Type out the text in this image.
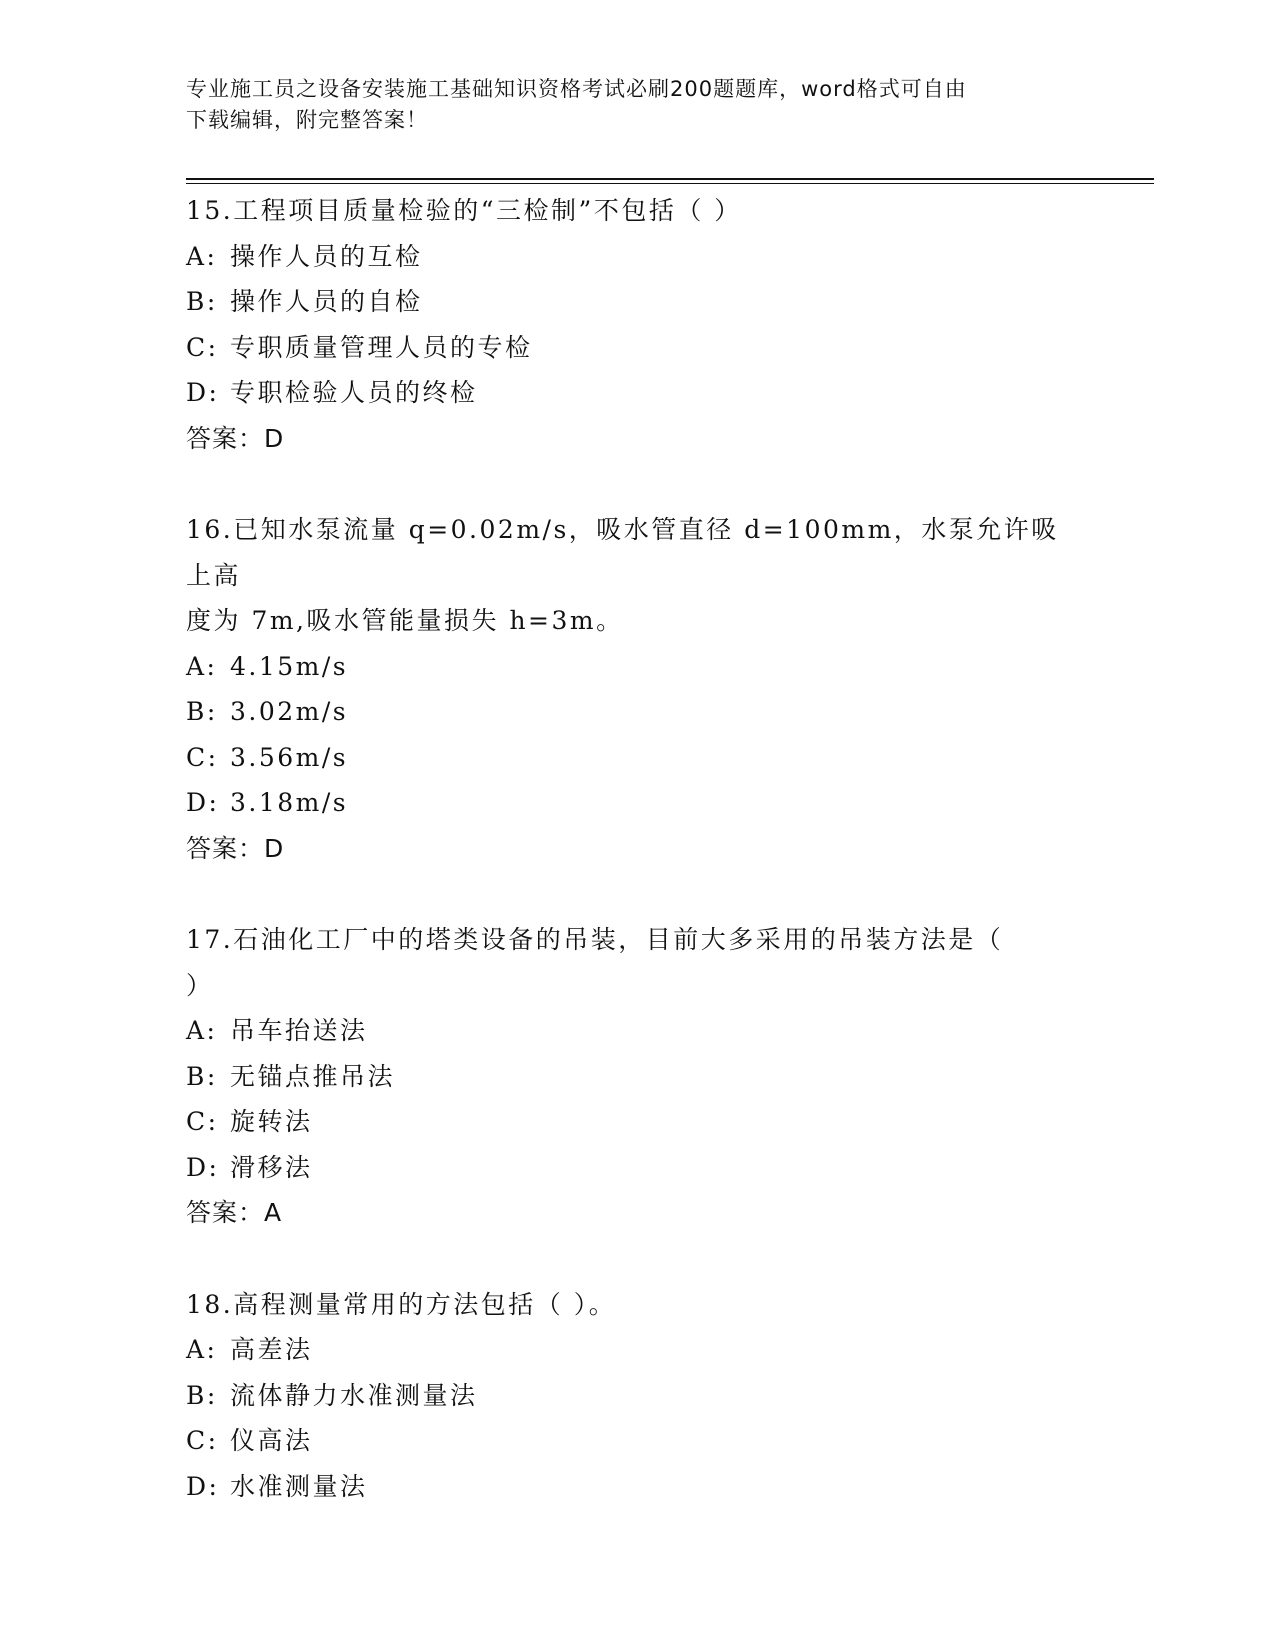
专业施工员之设备安装施工基础知识资格考试必刷200题题库，word格式可自由
下载编辑，附完整答案！
15.工程项目质量检验的“三检制”不包括（ ）
A: 操作人员的互检
B: 操作人员的自检
C: 专职质量管理人员的专检
D: 专职检验人员的终检
答案：D
16.已知水泵流量 q=0.02m/s，吸水管直径 d=100mm，水泵允许吸上高
度为 7m,吸水管能量损失 h=3m。
A: 4.15m/s
B: 3.02m/s
C: 3.56m/s
D: 3.18m/s
答案：D
17.石油化工厂中的塔类设备的吊装，目前大多采用的吊装方法是（
）
A: 吊车抬送法
B: 无锚点推吊法
C: 旋转法
D: 滑移法
答案：A
18.高程测量常用的方法包括（ ）。
A: 高差法
B: 流体静力水准测量法
C: 仪高法
D: 水准测量法
